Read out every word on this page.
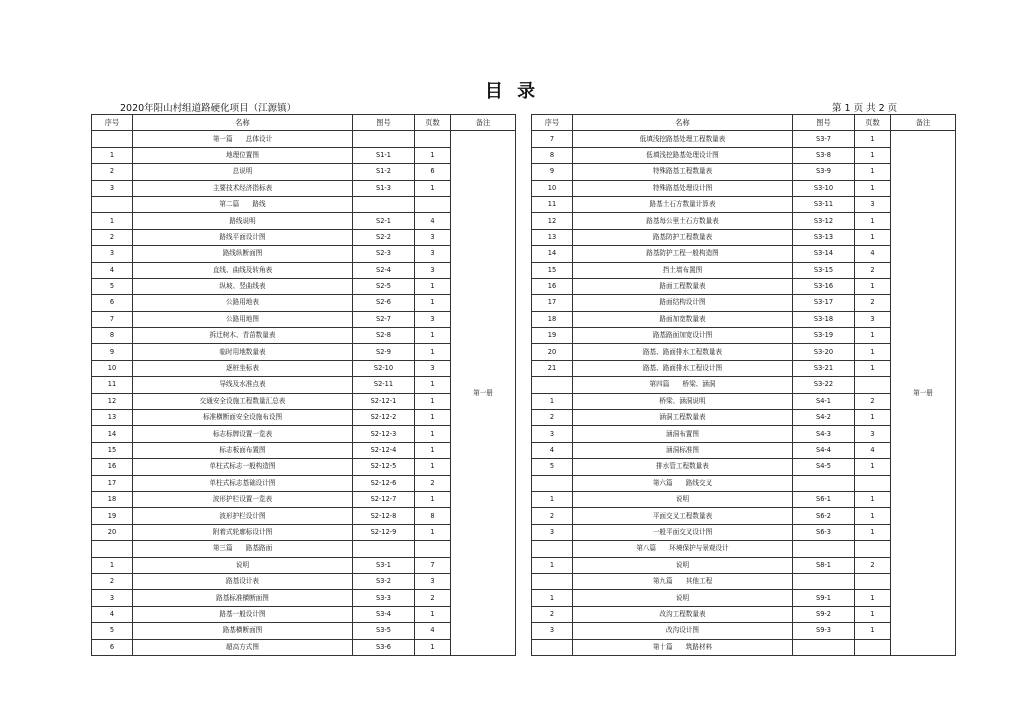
目 录
2020年阳山村组道路硬化项目（江源镇）	第 1 页 共 2 页
序号	名称	图号	页数	备注
	第一篇　　总体设计			第一册
1	地理位置图	S1-1	1	
2	总说明	S1-2	6	
3	主要技术经济指标表	S1-3	1	
	第二篇　　路线			
1	路线说明	S2-1	4	
2	路线平面设计图	S2-2	3	
3	路线纵断面图	S2-3	3	
4	直线、曲线及转角表	S2-4	3	
5	纵坡、竖曲线表	S2-5	1	
6	公路用地表	S2-6	1	
7	公路用地图	S2-7	3	
8	拆迁树木、青苗数量表	S2-8	1	
9	临时用地数量表	S2-9	1	
10	逐桩坐标表	S2-10	3	
11	导线及水准点表	S2-11	1	
12	交通安全设施工程数量汇总表	S2-12-1	1	
13	标准横断面安全设施布设图	S2-12-2	1	
14	标志标牌设置一览表	S2-12-3	1	
15	标志板面布置图	S2-12-4	1	
16	单柱式标志一般构造图	S2-12-5	1	
17	单柱式标志基础设计图	S2-12-6	2	
18	波形护栏设置一览表	S2-12-7	1	
19	波形护栏设计图	S2-12-8	8	
20	附着式轮廓标设计图	S2-12-9	1	
	第三篇　　路基路面			
1	说明	S3-1	7	
2	路基设计表	S3-2	3	
3	路基标准横断面图	S3-3	2	
4	路基一般设计图	S3-4	1	
5	路基横断面图	S3-5	4	
6	超高方式图	S3-6	1	
序号	名称	图号	页数	备注
7	低填浅挖路基处理工程数量表	S3-7	1	第一册
8	低填浅挖路基处理设计图	S3-8	1	
9	特殊路基工程数量表	S3-9	1	
10	特殊路基处理设计图	S3-10	1	
11	路基土石方数量计算表	S3-11	3	
12	路基每公里土石方数量表	S3-12	1	
13	路基防护工程数量表	S3-13	1	
14	路基防护工程一般构造图	S3-14	4	
15	挡土墙布置图	S3-15	2	
16	路面工程数量表	S3-16	1	
17	路面结构设计图	S3-17	2	
18	路面加宽数量表	S3-18	3	
19	路基路面加宽设计图	S3-19	1	
20	路基、路面排水工程数量表	S3-20	1	
21	路基、路面排水工程设计图	S3-21	1	
	第四篇　　桥梁、涵洞	S3-22		
1	桥梁、涵洞说明	S4-1	2	
2	涵洞工程数量表	S4-2	1	
3	涵洞布置图	S4-3	3	
4	涵洞标准图	S4-4	4	
5	排水管工程数量表	S4-5	1	
	第六篇　　路线交叉			
1	说明	S6-1	1	
2	平面交叉工程数量表	S6-2	1	
3	一般平面交叉设计图	S6-3	1	
	第八篇　　环境保护与景观设计			
1	说明	S8-1	2	
	第九篇　　其他工程			
1	说明	S9-1	1	
2	改沟工程数量表	S9-2	1	
3	改沟设计图	S9-3	1	
	第十篇　　筑路材料			
